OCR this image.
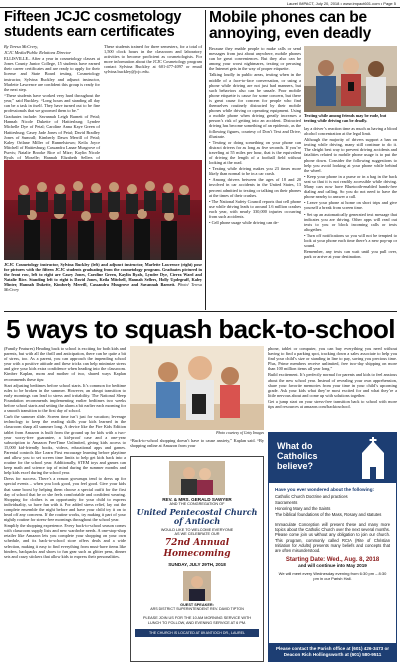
Laurel IMPACT, July 20, 2018 • www.impact601.com • Page 5
Fifteen JCJC cosmetology students earn certificates

By Teresa McCrery,

JCJC Media/Public Relations Director

ELLISVILLE– After a year in cosmetology classes at Jones County Junior College, 15 students have earned their career certificates and are ready to apply for their license and State Board testing. Cosmetology instructor, Sylvina Buckley and adjunct instructor, Marlette Lawrence are confident this group is ready for the next step.

“These students have worked very hard throughout the year,” said Buckley. “Long hours and standing all day can be a task in itself. They have turned out to be fine professionals that we groomed them to be.”

Graduates include: Savannah Leigh Barnett of Petal; Hannah Nicole Dukette of Hattiesburg; Lyndee Michelle Dye of Petal; Caroline Anna Kaye Green of Hattiesburg; Casey Jade Jones of Petal; David Bradley Jones of Sumrall; Kimberly Dawn Merrill of Petal; Kaley Orilane Miller of Runnelstown; Keila Joyce Mitchell of Hattiesburg; Cassandra Lanae Musgrove of Purvis; Natalie Brooke Rice of Mize; Kaylin Nicole Ryals of Moselle; Hannah Elizabeth Sellers of

These students trained for three semesters, for a total of 1,500 clock hours in the classroom and laboratory activities to become proficient as cosmetologists. For more information about the JCJC Cosmetology program contact Sylvina Buckley at 601-477-4097 or email sylvina.buckley@jcjc.edu.

JCJC Cosmetology instructor, Sylvina Buckley (left) and adjunct instructor, Marlette Lawrence (right) pose for pictures with the fifteen JCJC students graduating from the cosmetology program. Graduates pictured in the front row, left to right are Casey Jones, Caroline Green, Kaylin Ryals, Lyndee Dye, Cierra Ward and Natalie Rice. Standing left to right is David Jones, Keila Mitchell, Hannah Sellers, Holly Updegraff, Kaley Minter, Hannah Dukette, Kimberly Merrill, Cassandra Musgrove and Savannah Barnett. Photo/ Teresa McCrery
Mobile phones can be annoying, even deadly

Because they enable people to make calls or send messages from just about anywhere, mobile phones can be great conveniences. But they also can be among your worst nightmares, texting or perusing the Internet gets in the way of proper etiquette.

Talking loudly in public areas, texting when in the middle of a face-to-face conversation, or using a phone while driving are not just bad manners, but such behaviors also can be unsafe. Poor mobile phone etiquette is cause for some concern, but there is great cause for concern for people who find themselves routinely distracted by their mobile phones while driving or operating equipment. Using a mobile phone when driving greatly increases a person’s risk of getting into an accident. Distracted driving has become something of an epidemic, as the following figures, courtesy of Don’t Text and Drive, illustrate.

• Texting or doing something on your phone can distract drivers for as long as five seconds. If you’re traveling at 55 miles per hour, that is the equivalent of driving the length of a football field without looking at the road.

• Texting while driving makes you 23 times more likely than normal to be in a car crash.

• Among drivers between the ages of 18 and 20 involved in car accidents in the United States, 13 percent admitted to texting or talking on their phones at the times of their crashes.

• The National Safety Council reports that cell phone use while driving leads to around 1.6 million crashes each year, with nearly 330,000 injuries occurring from such accidents.

• Cell phone usage while driving can de-

Texting while among friends may be rude, but texting while driving can be deadly.

lay a driver’s reaction time as much as having a blood alcohol concentration at the legal limit.

Although the majority of drivers support a ban on texting while driving, many still continue to do it. The sleight best way to prevent driving accidents and fatalities related to mobile phone usage is to put the phone down. Consider the following suggestions to help you avoid looking at your phone while behind the wheel.

• Keep your phone in a purse or in a bag in the back seat so that it is not readily accessible while driving. Many cars now have Bluetooth-enabled hands-free dialing and calling. So you do not need to have the phone nearby to answer a call.

• Leave your phone at home on short trips and give yourself a break from screen time.

• Set up an automatically generated text message that indicates you are driving. Other apps will read out texts to you or block incoming calls or texts altogether.

• Turn off notifications so you will not be tempted to look at your phone each time there’s a new pop-up or sound.

Remember, any texts can wait until you pull over, park or arrive at your destination.

5 ways to squash back-to-school

(Family Features) Heading back to school is exciting for both kids and parents, but with all the thrill and anticipation, there can be quite a bit of stress, too. As a parent, you can approach the impending school year with a positive attitude and these tricks can help minimize stress and give your kids extra confidence when heading into the classroom. Kimber Kaplan, mom and mother of two, shared ways Kaplan recommends these tips:

Start adjusting bedtimes before school starts. It’s common for bedtime rules to be broken in the summer. However, an abrupt transition to early mornings can lead to stress and irritability. The National Sleep Foundation recommends implementing earlier bedtimes two weeks before school starts and setting the alarm a bit earlier each morning for a smooth transition to the first day of school.

Curb the summer slide. Screen time isn’t just for vacation; leverage technology to keep the reading skills your kids learned in the classroom sharp all summer long. A device like the Fire Kids Edition tablet from Amazon is built from the ground up for kids with a two-year worry-free guarantee, a kid-proof case and a one-year subscription to Amazon FreeTime Unlimited, giving kids access to 15,000 kid-friendly books, videos, educational apps and games. Parental controls like Learn First encourage learning before playtime and allow you to set screen time limits to help get kids back into a routine for the school year. Additionally, STEM toys and games can keep math and science top of mind during the summer months and help kids excel during the school year.

Dress for success. There’s a reason grownups tend to dress up for special events – when you look good, you feel good. Give your kids that same boost by helping them choose a special outfit for the first day of school that he or she feels comfortable and confident wearing. Shopping for clothes is an opportunity for your child to express individuality, so have fun with it. For added stress relief, lay out the complete ensemble the night before and have your child try it on to head off any concerns. If the routine works, try making it part of your nightly routine for stress-free mornings throughout the school year.

Simplify the shopping experience. Every back-to-school season comes with classroom supply lists and new wardrobe needs. A one-stop-shop retailer like Amazon lets you complete your shopping on your own schedule, and its back-to-school store offers deals and a wide selection, making it easy to find everything from must-have items like binders, backpacks and shoes to fun gear such as glitter pens, dinner sets and crazy stickers that allow kids to express their personalities.

Photo courtesy of Getty Images

“Back-to-school shopping doesn’t have to cause anxiety,” Kaplan said. “By shopping online at Amazon from your

phone, tablet or computer, you can buy everything you need without having to find a parking spot, tracking down a sales associate to help you find your child’s size or standing in line to pay, saving you precious time. Plus, Prime members receive unlimited, free two-day shipping on more than 100 million items all year long.”

Build excitement. It’s perfectly normal for parents and kids to feel anxious about the new school year. Instead of revealing your own apprehension, share your favorite memories from your time in your child’s upcoming grade. Ask your kids what they’re most excited for and what they’re a little nervous about and come up with solutions together.

Get a jump start on your stress-free transition back to school with more tips and resources at amazon.com/backtoschool.

REV. & MRS. GERALD SAWYER
AND THE CONGREGATION OF
United Pentecostal Church of Antioch
WOULD LIKE TO WELCOME EVERYONE
AS WE CELEBRATE OUR
72nd Annual Homecoming
SUNDAY, JULY 29TH, 2018
GUEST SPEAKER:
ARS DISTRICT SUPERINTENDENT REV. DAVID TIPTON
PLEASE JOIN US FOR THE 10 AM MORNING SERVICE WITH LUNCH TO FOLLOW, AND EVENING SERVICE AT 6 PM.
THE CHURCH IS LOCATED AT 89 ANTIOCH DR., LAUREL
What do Catholics believe?
Have you ever wondered about the following:
Catholic Church Doctrine and practices
Sacraments
Honoring Mary and the Saints
The biblical foundations of the Mass, Rosary and statutes
Immaculate Conception will present these and many more topics about the Catholic Church over the next several months. Please come join us without any obligation to join our church. This program, commonly called RCIA (Rite of Christian Initiation for Adults) presents many beliefs and concepts that are often misunderstood.
Starting Date: Wed., Aug. 8, 2018
and will continue into May 2019
We will meet every Wednesday evening from 6:30 pm – 8:30 pm in our Parish Hall.
Please contact the Parish office at (601) 426-3473 or Deacon Rich Hollingsworth at (601) 580-9511
